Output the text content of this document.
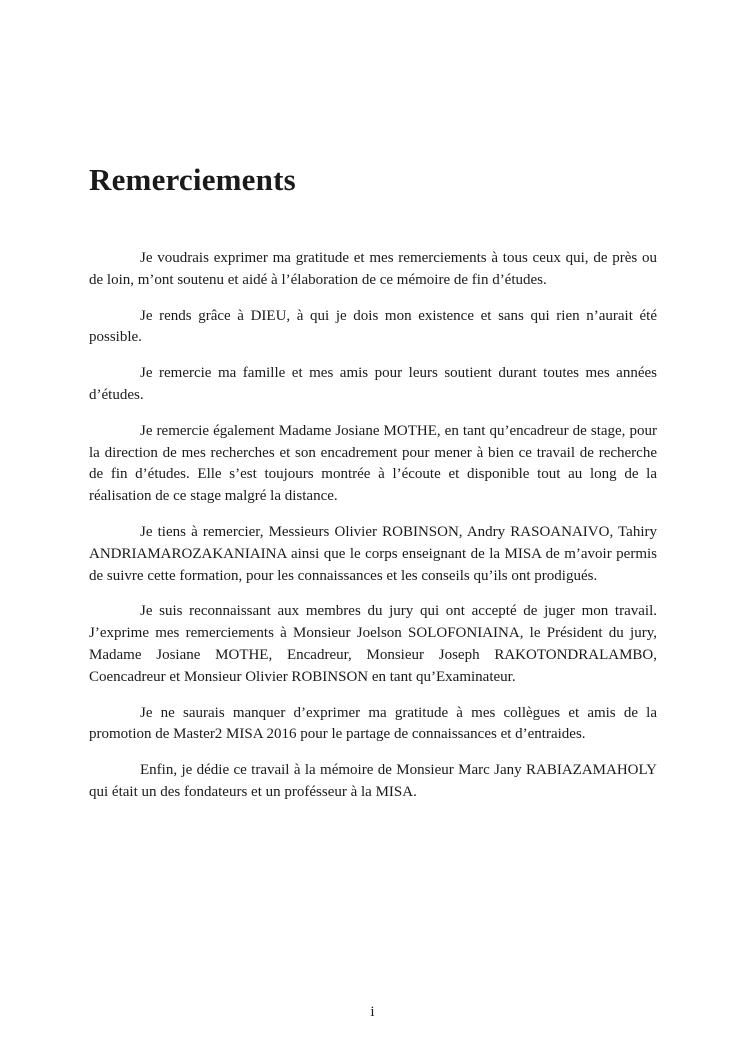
Remerciements

Je voudrais exprimer ma gratitude et mes remerciements à tous ceux qui, de près ou de loin, m’ont soutenu et aidé à l’élaboration de ce mémoire de fin d’études.

Je rends grâce à DIEU, à qui je dois mon existence et sans qui rien n’aurait été possible.

Je remercie ma famille et mes amis pour leurs soutient durant toutes mes années d’études.

Je remercie également Madame Josiane MOTHE, en tant qu’encadreur de stage, pour la direction de mes recherches et son encadrement pour mener à bien ce travail de recherche de fin d’études. Elle s’est toujours montrée à l’écoute et disponible tout au long de la réalisation de ce stage malgré la distance.

Je tiens à remercier, Messieurs Olivier ROBINSON, Andry RASOANAIVO, Tahiry ANDRIAMAROZAKANIAINA ainsi que le corps enseignant de la MISA de m’avoir permis de suivre cette formation, pour les connaissances et les conseils qu’ils ont prodigués.

Je suis reconnaissant aux membres du jury qui ont accepté de juger mon travail. J’exprime mes remerciements à Monsieur Joelson SOLOFONIAINA, le Président du jury, Madame Josiane MOTHE, Encadreur, Monsieur Joseph RAKOTONDRALAMBO, Coencadreur et Monsieur Olivier ROBINSON en tant qu’Examinateur.

Je ne saurais manquer d’exprimer ma gratitude à mes collègues et amis de la promotion de Master2 MISA 2016 pour le partage de connaissances et d’entraides.

Enfin, je dédie ce travail à la mémoire de Monsieur Marc Jany RABIAZAMAHOLY qui était un des fondateurs et un profésseur à la MISA.

i
